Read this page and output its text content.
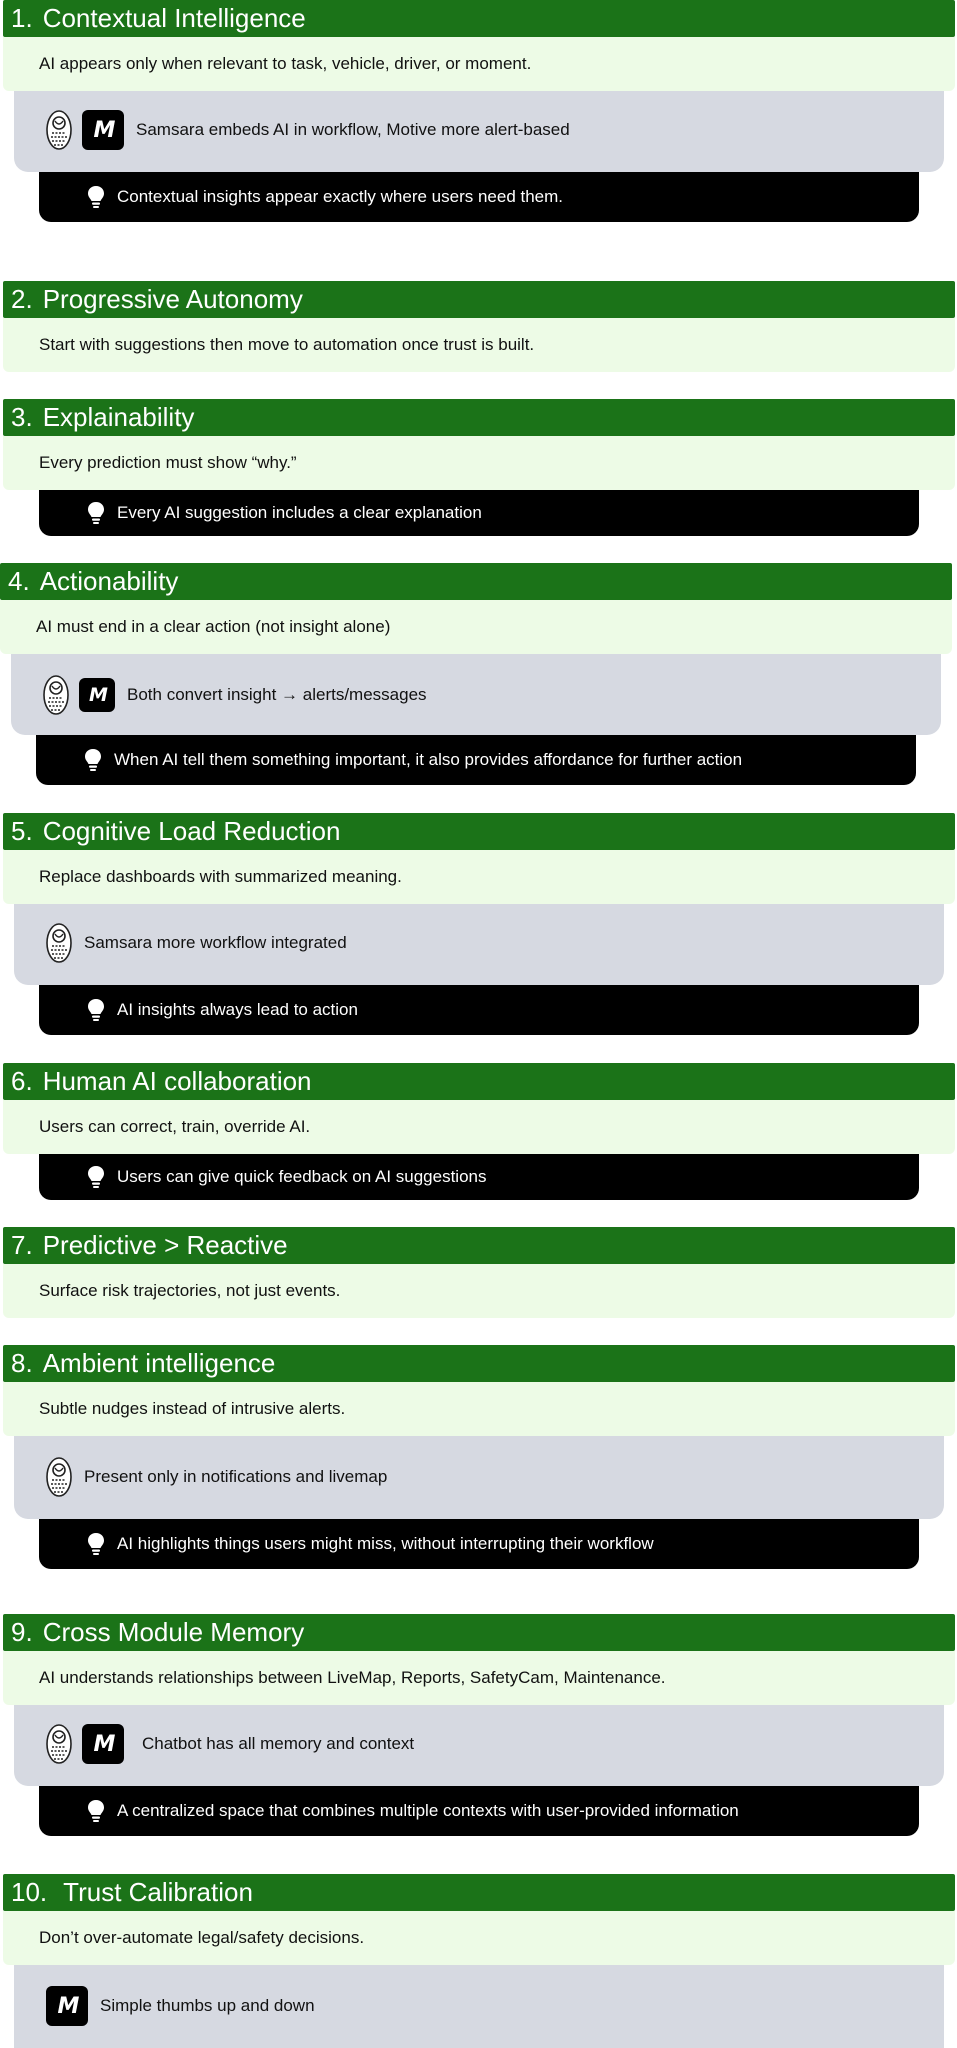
1. Contextual Intelligence
AI appears only when relevant to task, vehicle, driver, or moment.
M Samsara embeds AI in workflow, Motive more alert-based
Contextual insights appear exactly where users need them.
2. Progressive Autonomy
Start with suggestions then move to automation once trust is built.
3. Explainability
Every prediction must show “why.”
Every AI suggestion includes a clear explanation
4. Actionability
AI must end in a clear action (not insight alone)
M Both convert insight → alerts/messages
When AI tell them something important, it also provides affordance for further action
5. Cognitive Load Reduction
Replace dashboards with summarized meaning.
Samsara more workflow integrated
AI insights always lead to action
6. Human AI collaboration
Users can correct, train, override AI.
Users can give quick feedback on AI suggestions
7. Predictive > Reactive
Surface risk trajectories, not just events.
8. Ambient intelligence
Subtle nudges instead of intrusive alerts.
Present only in notifications and livemap
AI highlights things users might miss, without interrupting their workflow
9. Cross Module Memory
AI understands relationships between LiveMap, Reports, SafetyCam, Maintenance.
M Chatbot has all memory and context
A centralized space that combines multiple contexts with user-provided information
10. Trust Calibration
Don’t over-automate legal/safety decisions.
M Simple thumbs up and down
